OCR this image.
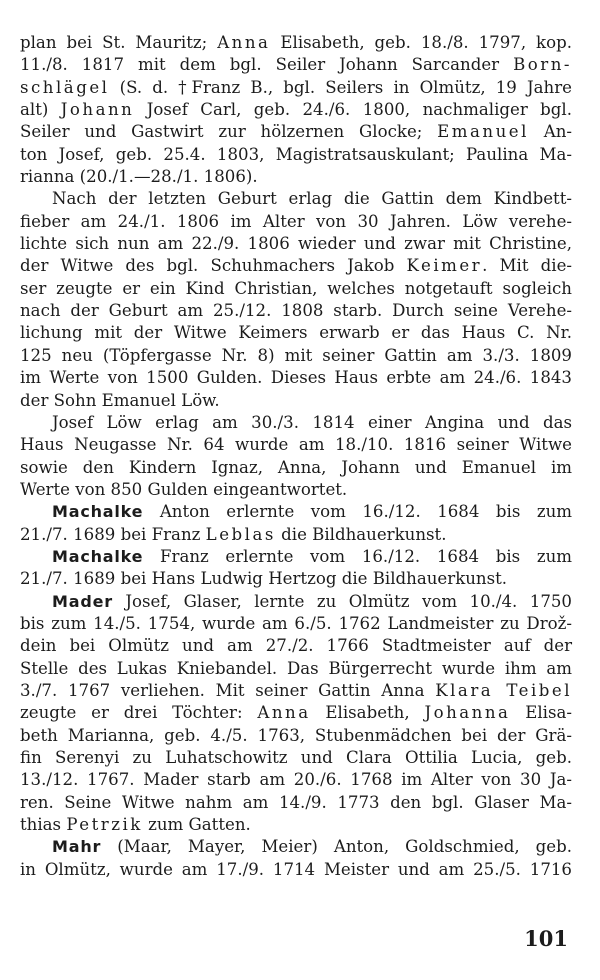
plan bei St. Mauritz; Anna Elisabeth, geb. 18./8. 1797, kop.
11./8. 1817 mit dem bgl. Seiler Johann Sarcander Born-
schlägel (S. d. †Franz B., bgl. Seilers in Olmütz, 19 Jahre
alt) Johann Josef Carl, geb. 24./6. 1800, nachmaliger bgl.
Seiler und Gastwirt zur hölzernen Glocke; Emanuel An-
ton Josef, geb. 25.4. 1803, Magistratsauskulant; Paulina Ma-
rianna (20./1.—28./1. 1806).
Nach der letzten Geburt erlag die Gattin dem Kindbett-
fieber am 24./1. 1806 im Alter von 30 Jahren. Löw verehe-
lichte sich nun am 22./9. 1806 wieder und zwar mit Christine,
der Witwe des bgl. Schuhmachers Jakob Keimer. Mit die-
ser zeugte er ein Kind Christian, welches notgetauft sogleich
nach der Geburt am 25./12. 1808 starb. Durch seine Verehe-
lichung mit der Witwe Keimers erwarb er das Haus C. Nr.
125 neu (Töpfergasse Nr. 8) mit seiner Gattin am 3./3. 1809
im Werte von 1500 Gulden. Dieses Haus erbte am 24./6. 1843
der Sohn Emanuel Löw.
Josef Löw erlag am 30./3. 1814 einer Angina und das
Haus Neugasse Nr. 64 wurde am 18./10. 1816 seiner Witwe
sowie den Kindern Ignaz, Anna, Johann und Emanuel im
Werte von 850 Gulden eingeantwortet.
Machalke Anton erlernte vom 16./12. 1684 bis zum
21./7. 1689 bei Franz Leblas die Bildhauerkunst.
Machalke Franz erlernte vom 16./12. 1684 bis zum
21./7. 1689 bei Hans Ludwig Hertzog die Bildhauerkunst.
Mader Josef, Glaser, lernte zu Olmütz vom 10./4. 1750
bis zum 14./5. 1754, wurde am 6./5. 1762 Landmeister zu Drož-
dein bei Olmütz und am 27./2. 1766 Stadtmeister auf der
Stelle des Lukas Kniebandel. Das Bürgerrecht wurde ihm am
3./7. 1767 verliehen. Mit seiner Gattin Anna Klara Teibel
zeugte er drei Töchter: Anna Elisabeth, Johanna Elisa-
beth Marianna, geb. 4./5. 1763, Stubenmädchen bei der Grä-
fin Serenyi zu Luhatschowitz und Clara Ottilia Lucia, geb.
13./12. 1767. Mader starb am 20./6. 1768 im Alter von 30 Ja-
ren. Seine Witwe nahm am 14./9. 1773 den bgl. Glaser Ma-
thias Petrzik zum Gatten.
Mahr (Maar, Mayer, Meier) Anton, Goldschmied, geb.
in Olmütz, wurde am 17./9. 1714 Meister und am 25./5. 1716
101
